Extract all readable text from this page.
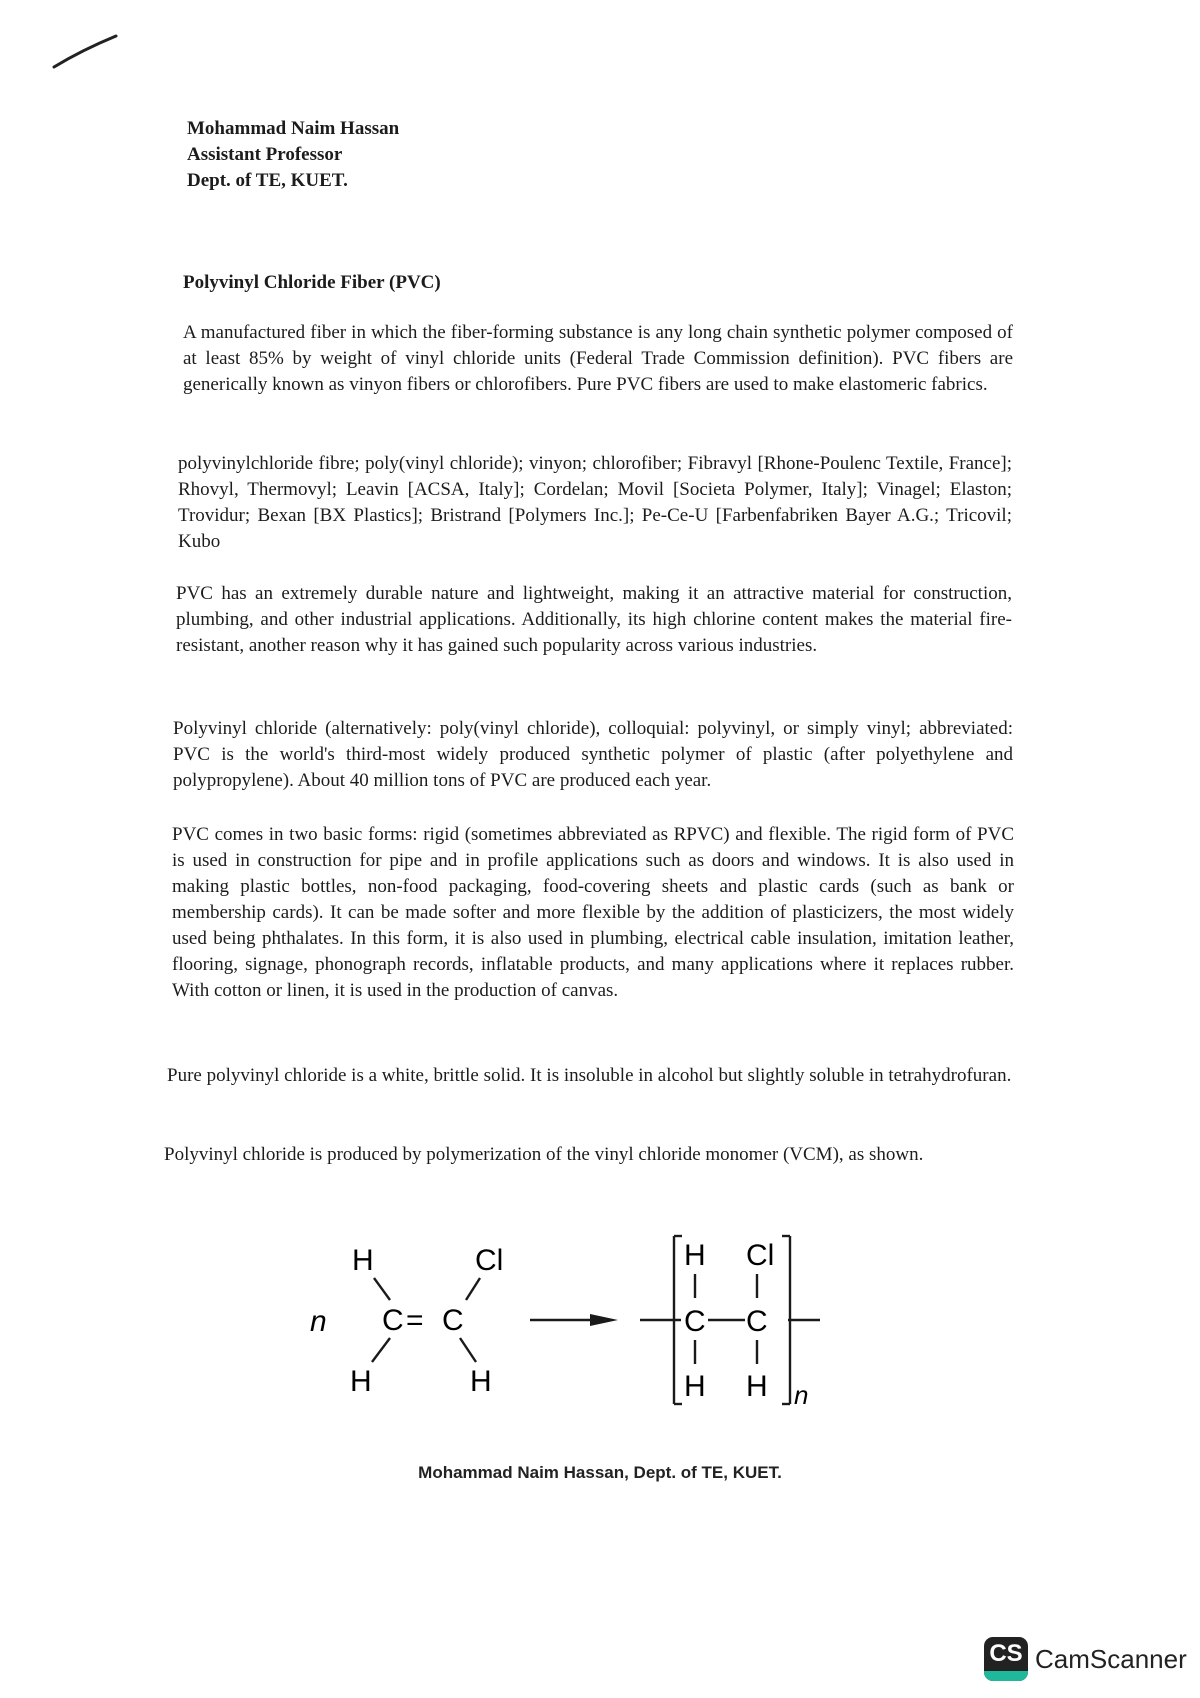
Mohammad Naim Hassan
Assistant Professor
Dept. of TE, KUET.
Polyvinyl Chloride Fiber (PVC)

A manufactured fiber in which the fiber-forming substance is any long chain synthetic polymer composed of at least 85% by weight of vinyl chloride units (Federal Trade Commission definition). PVC fibers are generically known as vinyon fibers or chlorofibers. Pure PVC fibers are used to make elastomeric fabrics.

polyvinylchloride fibre; poly(vinyl chloride); vinyon; chlorofiber; Fibravyl [Rhone-Poulenc Textile, France]; Rhovyl, Thermovyl; Leavin [ACSA, Italy]; Cordelan; Movil [Societa Polymer, Italy]; Vinagel; Elaston; Trovidur; Bexan [BX Plastics]; Bristrand [Polymers Inc.]; Pe-Ce-U [Farbenfabriken Bayer A.G.; Tricovil; Kubo

PVC has an extremely durable nature and lightweight, making it an attractive material for construction, plumbing, and other industrial applications. Additionally, its high chlorine content makes the material fire-resistant, another reason why it has gained such popularity across various industries.

Polyvinyl chloride (alternatively: poly(vinyl chloride), colloquial: polyvinyl, or simply vinyl; abbreviated: PVC is the world's third-most widely produced synthetic polymer of plastic (after polyethylene and polypropylene). About 40 million tons of PVC are produced each year.

PVC comes in two basic forms: rigid (sometimes abbreviated as RPVC) and flexible. The rigid form of PVC is used in construction for pipe and in profile applications such as doors and windows. It is also used in making plastic bottles, non-food packaging, food-covering sheets and plastic cards (such as bank or membership cards). It can be made softer and more flexible by the addition of plasticizers, the most widely used being phthalates. In this form, it is also used in plumbing, electrical cable insulation, imitation leather, flooring, signage, phonograph records, inflatable products, and many applications where it replaces rubber. With cotton or linen, it is used in the production of canvas.

Pure polyvinyl chloride is a white, brittle solid. It is insoluble in alcohol but slightly soluble in tetrahydrofuran.

Polyvinyl chloride is produced by polymerization of the vinyl chloride monomer (VCM), as shown.

n
H	Cl
C = C
H	H
H Cl
C C
H H n
Mohammad Naim Hassan, Dept. of TE, KUET.
CS CamScanner
